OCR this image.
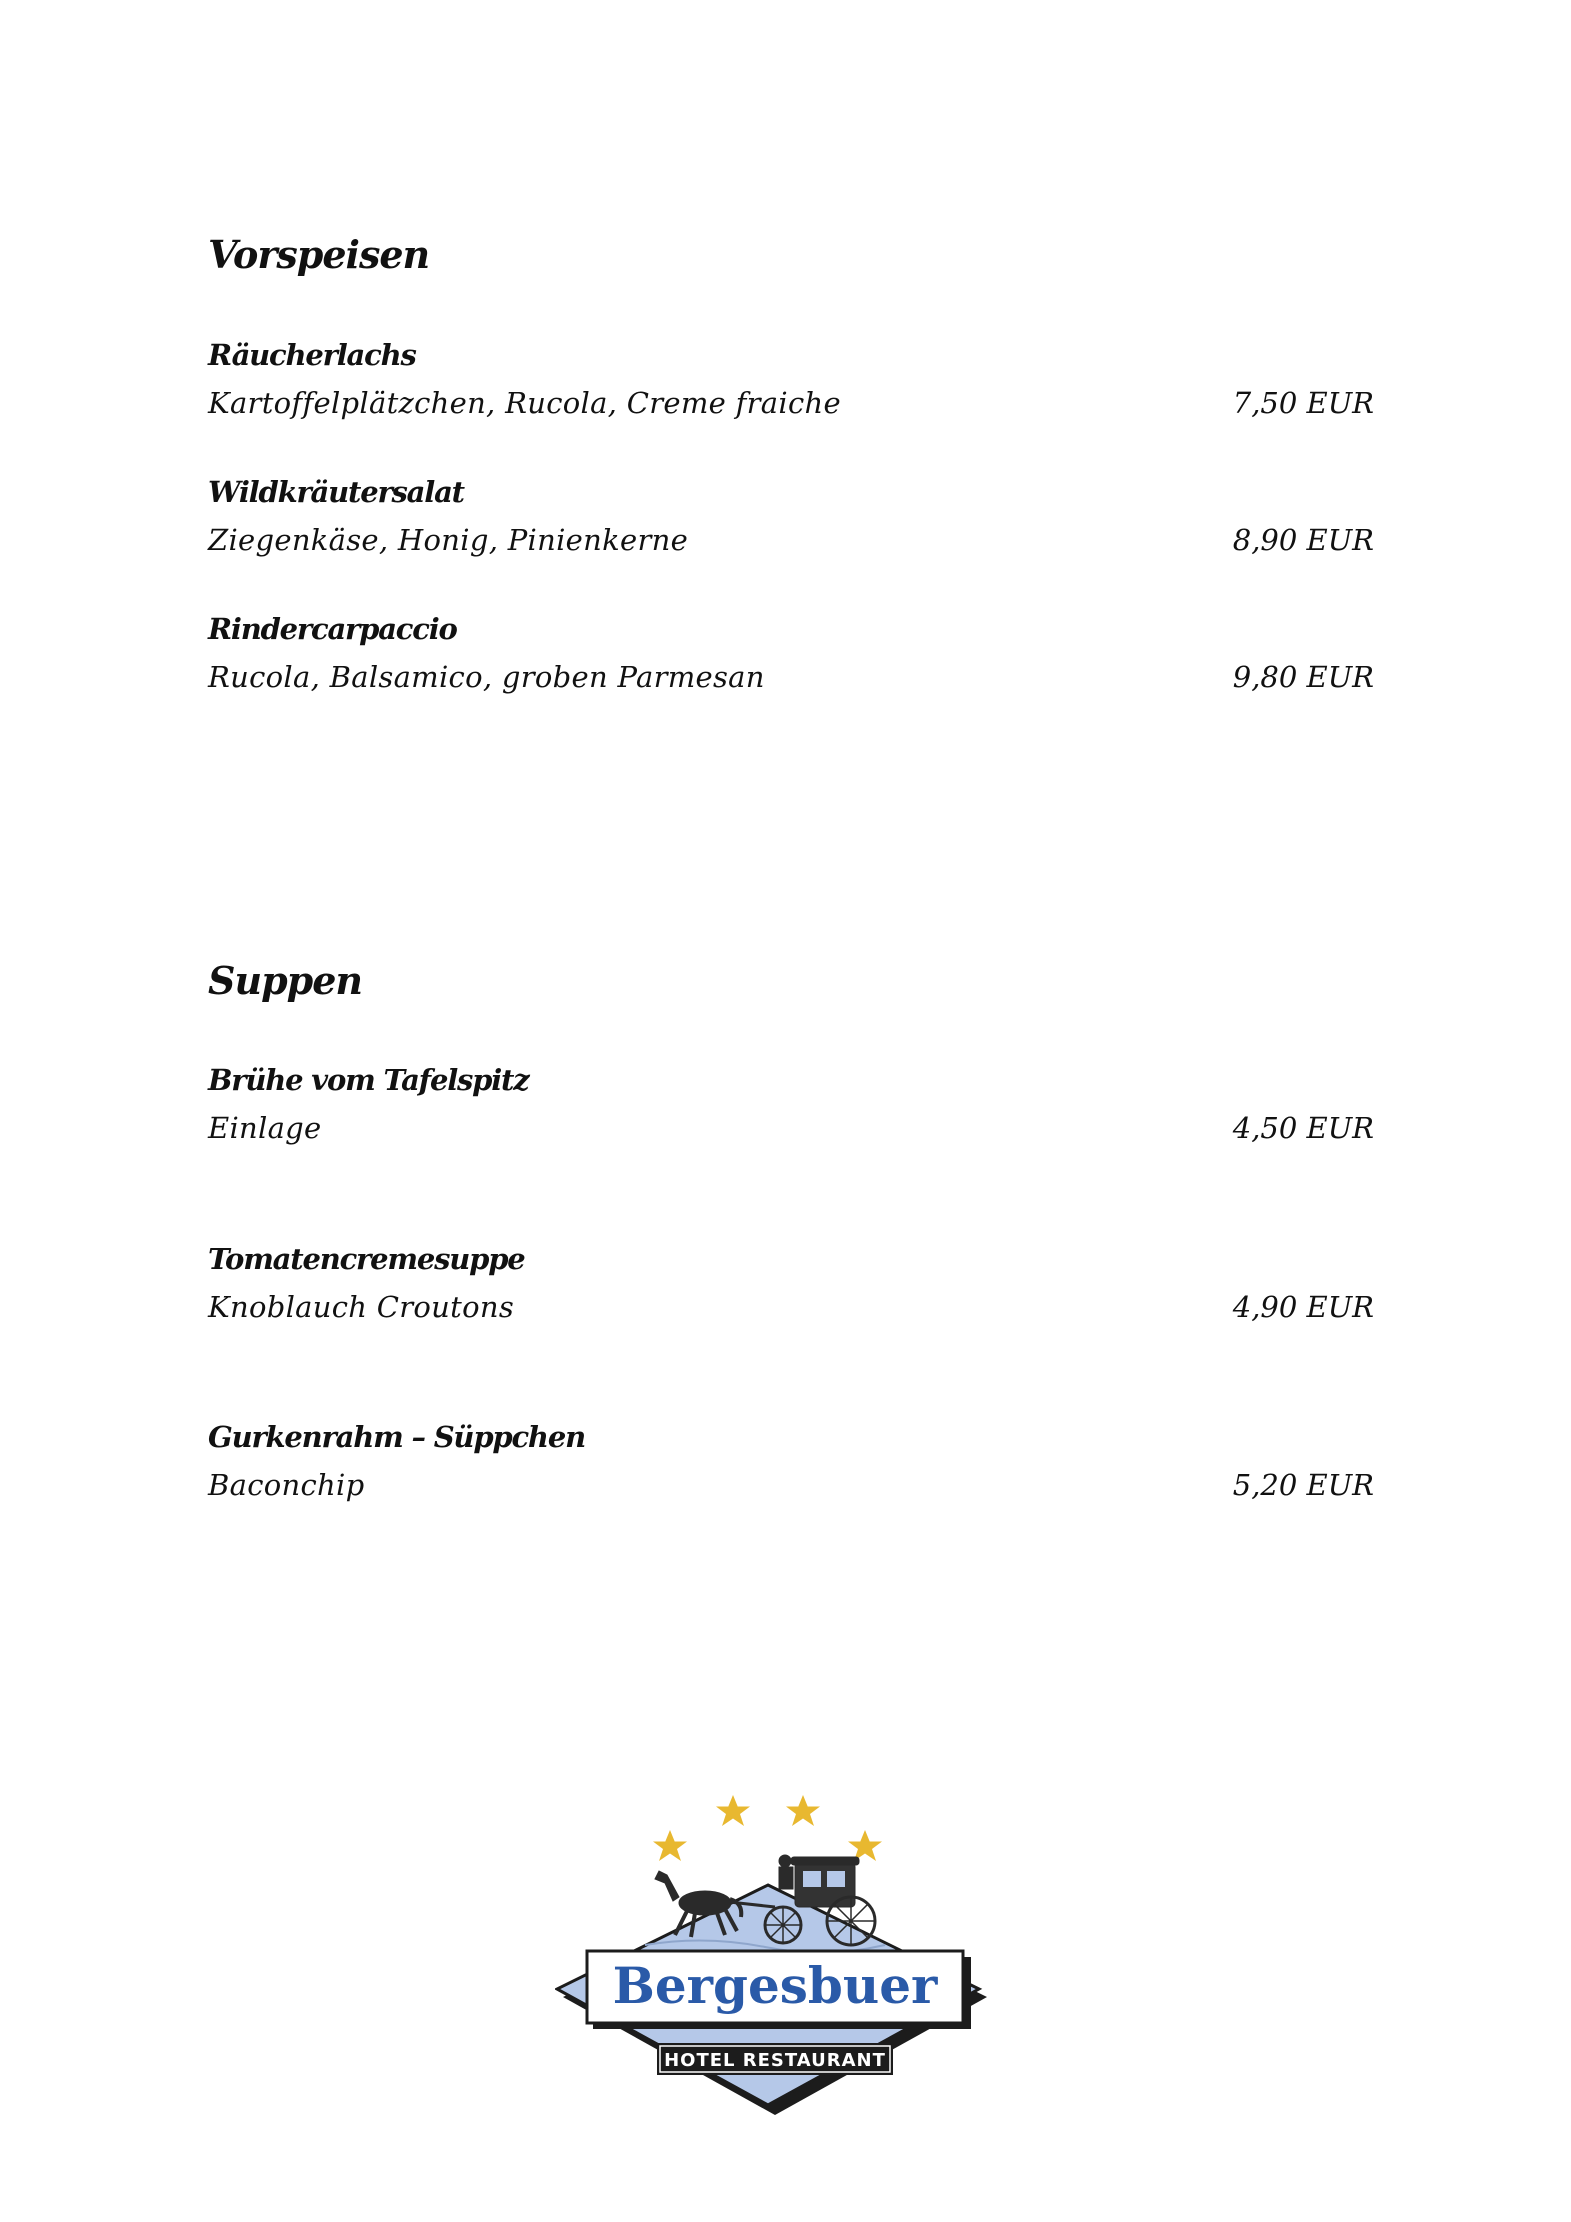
Vorspeisen
Räucherlachs
Kartoffelplätzchen, Rucola, Creme fraiche	7,50 EUR
Wildkräutersalat
Ziegenkäse, Honig, Pinienkerne	8,90 EUR
Rindercarpaccio
Rucola, Balsamico, groben Parmesan	9,80 EUR
Suppen
Brühe vom Tafelspitz
Einlage	4,50 EUR
Tomatencremesuppe
Knoblauch Croutons	4,90 EUR
Gurkenrahm – Süppchen
Baconchip	5,20 EUR
Bergesbuer
HOTEL RESTAURANT
